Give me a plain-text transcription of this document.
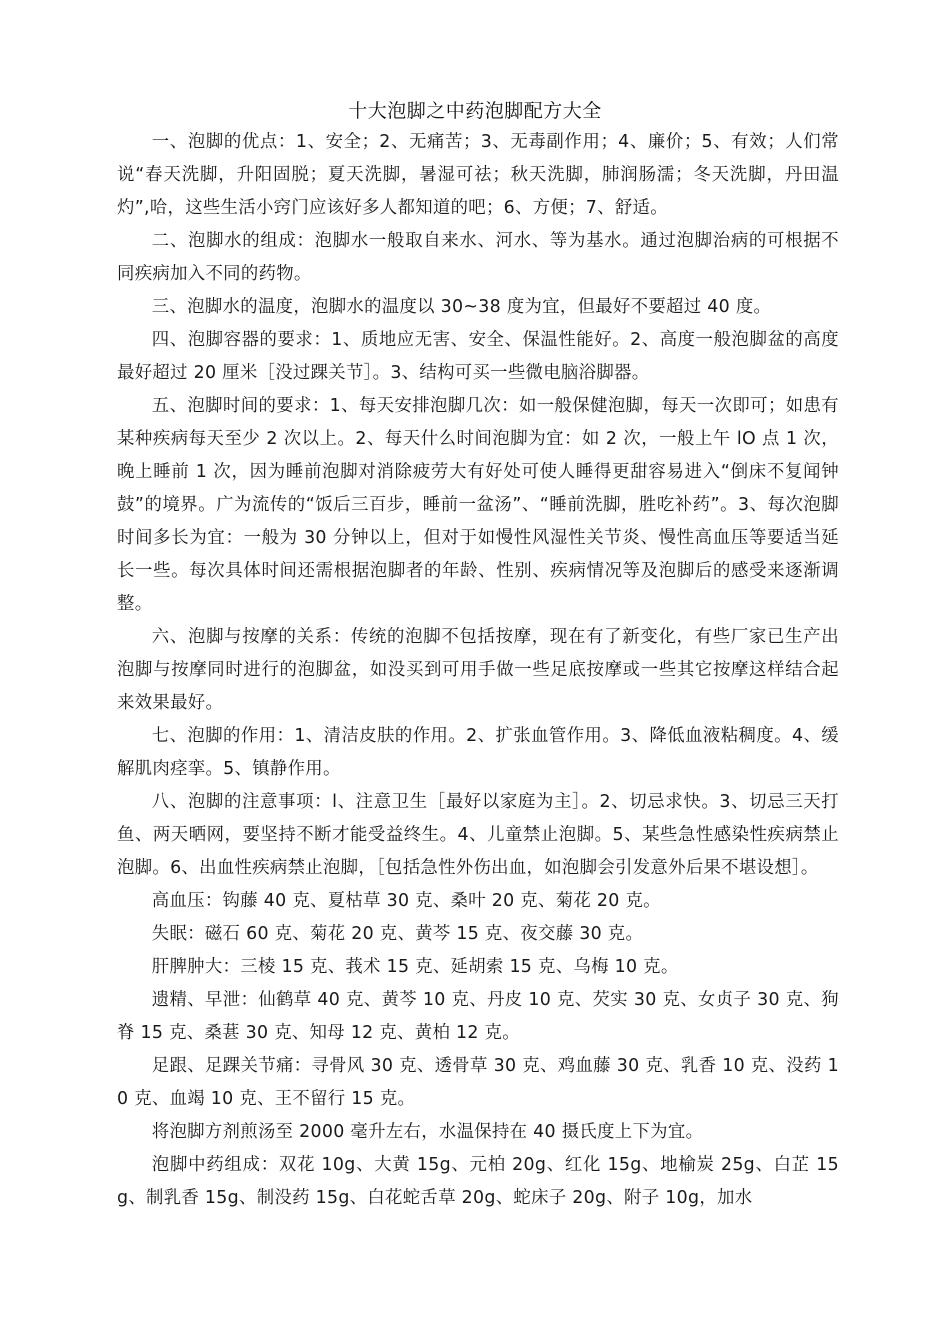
十大泡脚之中药泡脚配方大全

一、泡脚的优点：1、安全；2、无痛苦；3、无毒副作用；4、廉价；5、有效；人们常说“春天洗脚，升阳固脱；夏天洗脚，暑湿可祛；秋天洗脚，肺润肠濡；冬天洗脚，丹田温灼”,哈，这些生活小窍门应该好多人都知道的吧；6、方便；7、舒适。

二、泡脚水的组成：泡脚水一般取自来水、河水、等为基水。通过泡脚治病的可根据不同疾病加入不同的药物。

三、泡脚水的温度，泡脚水的温度以 30~38 度为宜，但最好不要超过 40 度。

四、泡脚容器的要求：1、质地应无害、安全、保温性能好。2、高度一般泡脚盆的高度最好超过 20 厘米［没过踝关节］。3、结构可买一些微电脑浴脚器。

五、泡脚时间的要求：1、每天安排泡脚几次：如一般保健泡脚，每天一次即可；如患有某种疾病每天至少 2 次以上。2、每天什么时间泡脚为宜：如 2 次，一般上午 lO 点 1 次，晚上睡前 1 次，因为睡前泡脚对消除疲劳大有好处可使人睡得更甜容易进入“倒床不复闻钟鼓”的境界。广为流传的“饭后三百步，睡前一盆汤”、“睡前洗脚，胜吃补药”。3、每次泡脚时间多长为宜：一般为 30 分钟以上，但对于如慢性风湿性关节炎、慢性高血压等要适当延长一些。每次具体时间还需根据泡脚者的年龄、性别、疾病情况等及泡脚后的感受来逐渐调整。

六、泡脚与按摩的关系：传统的泡脚不包括按摩，现在有了新变化，有些厂家已生产出泡脚与按摩同时进行的泡脚盆，如没买到可用手做一些足底按摩或一些其它按摩这样结合起来效果最好。

七、泡脚的作用：1、清洁皮肤的作用。2、扩张血管作用。3、降低血液粘稠度。4、缓解肌肉痉挛。5、镇静作用。

八、泡脚的注意事项：l、注意卫生［最好以家庭为主］。2、切忌求快。3、切忌三天打鱼、两天晒网，要坚持不断才能受益终生。4、儿童禁止泡脚。5、某些急性感染性疾病禁止泡脚。6、出血性疾病禁止泡脚，［包括急性外伤出血，如泡脚会引发意外后果不堪设想］。

高血压：钩藤 40 克、夏枯草 30 克、桑叶 20 克、菊花 20 克。

失眠：磁石 60 克、菊花 20 克、黄芩 15 克、夜交藤 30 克。

肝脾肿大：三棱 15 克、莪术 15 克、延胡索 15 克、乌梅 10 克。

遗精、早泄：仙鹤草 40 克、黄芩 10 克、丹皮 10 克、芡实 30 克、女贞子 30 克、狗脊 15 克、桑葚 30 克、知母 12 克、黄柏 12 克。

足跟、足踝关节痛：寻骨风 30 克、透骨草 30 克、鸡血藤 30 克、乳香 10 克、没药 10 克、血竭 10 克、王不留行 15 克。

将泡脚方剂煎汤至 2000 毫升左右，水温保持在 40 摄氏度上下为宜。

泡脚中药组成：双花 10g、大黄 15g、元柏 20g、红化 15g、地榆炭 25g、白芷 15g、制乳香 15g、制没药 15g、白花蛇舌草 20g、蛇床子 20g、附子 10g，加水
